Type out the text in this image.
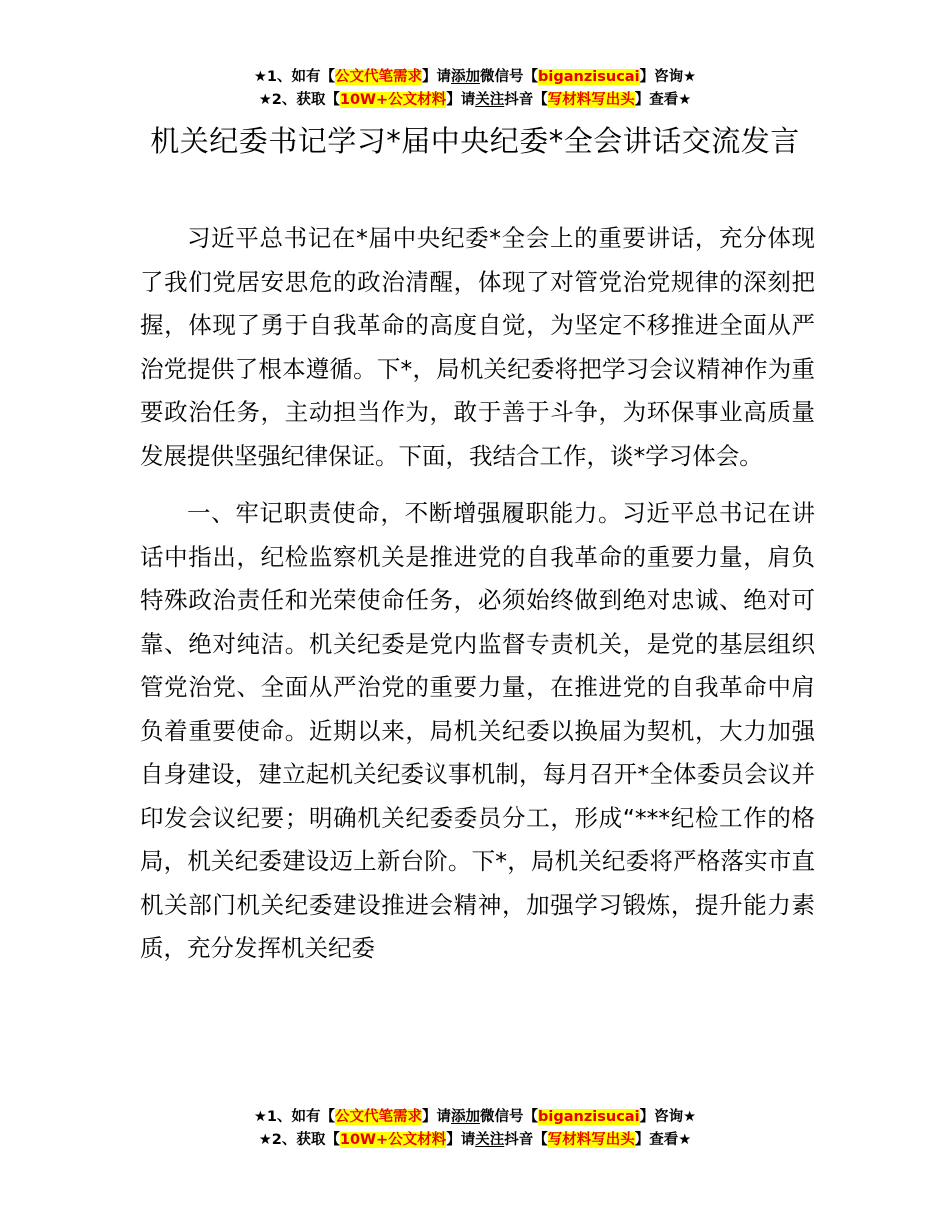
★1、如有【公文代笔需求】请添加微信号【biganzisucai】咨询★
★2、获取【10W+公文材料】请关注抖音【写材料写出头】查看★
机关纪委书记学习*届中央纪委*全会讲话交流发言

习近平总书记在*届中央纪委*全会上的重要讲话，充分体现了我们党居安思危的政治清醒，体现了对管党治党规律的深刻把握，体现了勇于自我革命的高度自觉，为坚定不移推进全面从严治党提供了根本遵循。下*，局机关纪委将把学习会议精神作为重要政治任务，主动担当作为，敢于善于斗争，为环保事业高质量发展提供坚强纪律保证。下面，我结合工作，谈*学习体会。

一、牢记职责使命，不断增强履职能力。习近平总书记在讲话中指出，纪检监察机关是推进党的自我革命的重要力量，肩负特殊政治责任和光荣使命任务，必须始终做到绝对忠诚、绝对可靠、绝对纯洁。机关纪委是党内监督专责机关，是党的基层组织管党治党、全面从严治党的重要力量，在推进党的自我革命中肩负着重要使命。近期以来，局机关纪委以换届为契机，大力加强自身建设，建立起机关纪委议事机制，每月召开*全体委员会议并印发会议纪要；明确机关纪委委员分工，形成“***纪检工作的格局，机关纪委建设迈上新台阶。下*，局机关纪委将严格落实市直机关部门机关纪委建设推进会精神，加强学习锻炼，提升能力素质，充分发挥机关纪委

★1、如有【公文代笔需求】请添加微信号【biganzisucai】咨询★
★2、获取【10W+公文材料】请关注抖音【写材料写出头】查看★
